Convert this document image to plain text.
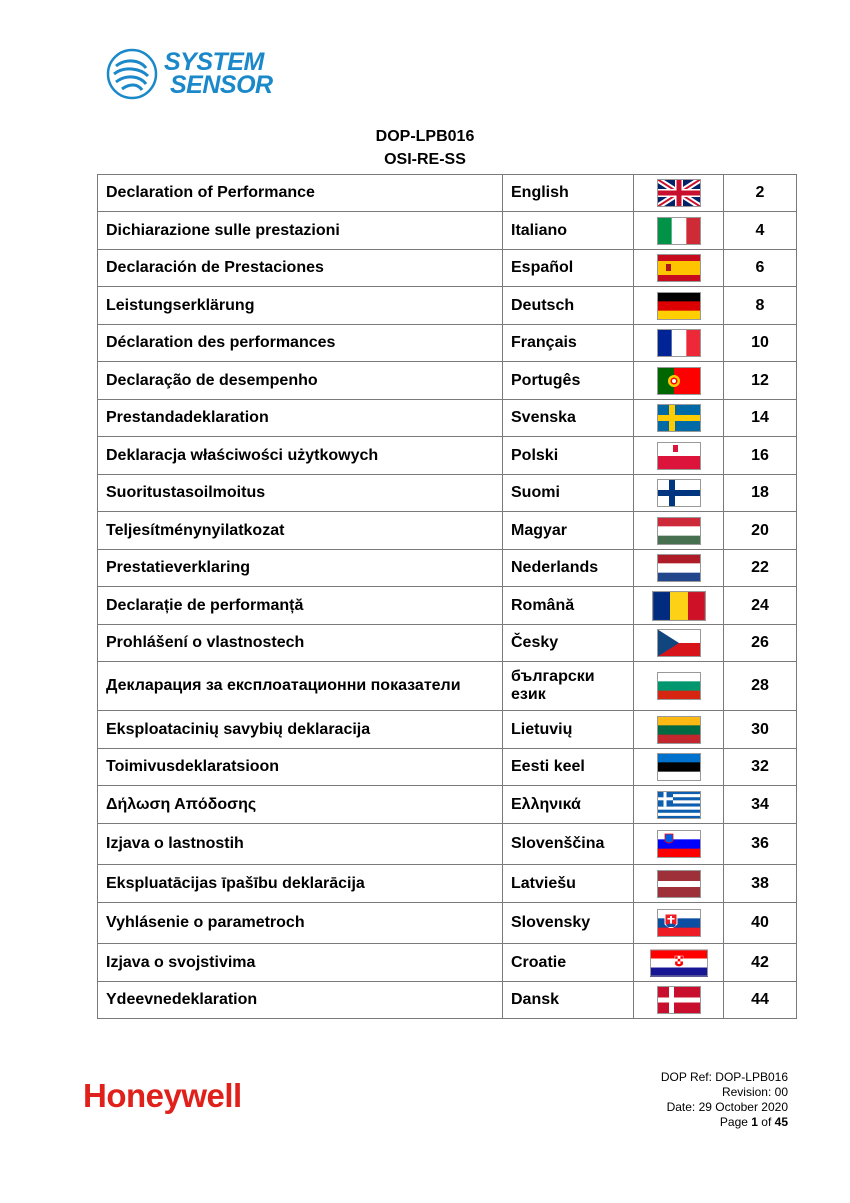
SYSTEM
SENSOR
DOP-LPB016
OSI-RE-SS
Declaration of Performance	English		2
Dichiarazione sulle prestazioni	Italiano		4
Declaración de Prestaciones	Español		6
Leistungserklärung	Deutsch		8
Déclaration des performances	Français		10
Declaração de desempenho	Portugês		12
Prestandadeklaration	Svenska		14
Deklaracja właściwości użytkowych	Polski		16
Suoritustasoilmoitus	Suomi		18
Teljesítménynyilatkozat	Magyar		20
Prestatieverklaring	Nederlands		22
Declarație de performanță	Română		24
Prohlášení o vlastnostech	Česky		26
Декларация за експлоатационни показатели	български език		28
Eksploatacinių savybių deklaracija	Lietuvių		30
Toimivusdeklaratsioon	Eesti keel		32
Δήλωση Απόδοσης	Ελληνικά		34
Izjava o lastnostih	Slovenščina		36
Ekspluatācijas īpašību deklarācija	Latviešu		38
Vyhlásenie o parametroch	Slovensky		40
Izjava o svojstivima	Croatie		42
Ydeevnedeklaration	Dansk		44
Honeywell	DOP Ref: DOP-LPB016
Revision: 00
Date: 29 October 2020
Page 1 of 45
